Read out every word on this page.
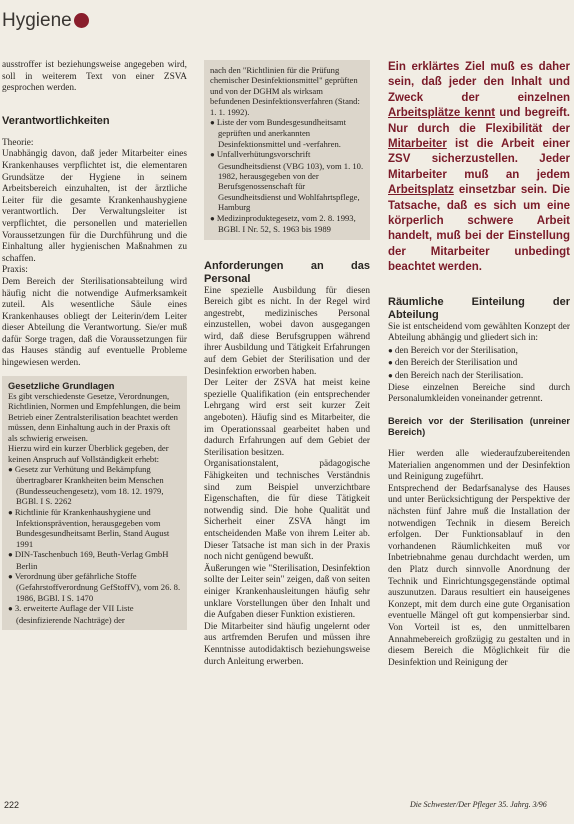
Hygiene

ausstroffer ist beziehungsweise angegeben wird, soll in weiterem Text von einer ZSVA gesprochen werden.

Verantwortlichkeiten

Theorie:

Unabhängig davon, daß jeder Mitarbeiter eines Krankenhauses verpflichtet ist, die elementaren Grundsätze der Hygiene in seinem Arbeitsbereich einzuhalten, ist der ärztliche Leiter für die gesamte Krankenhaushygiene verantwortlich. Der Verwaltungsleiter ist verpflichtet, die personellen und materiellen Voraussetzungen für die Durchführung und die Einhaltung aller hygienischen Maßnahmen zu schaffen.

Praxis:

Dem Bereich der Sterilisationsabteilung wird häufig nicht die notwendige Aufmerksamkeit zuteil. Als wesentliche Säule eines Krankenhauses obliegt der Leiterin/dem Leiter dieser Abteilung die Verantwortung. Sie/er muß dafür Sorge tragen, daß die Voraussetzungen für das Hauses ständig auf eventuelle Probleme hingewiesen werden.

Gesetzliche Grundlagen

Es gibt verschiedenste Gesetze, Verordnungen, Richtlinien, Normen und Empfehlungen, die beim Betrieb einer Zentralsterilisation beachtet werden müssen, denn Einhaltung auch in der Praxis oft als schwierig erweisen.

Hierzu wird ein kurzer Überblick gegeben, der keinen Anspruch auf Vollständigkeit erhebt:

● Gesetz zur Verhütung und Bekämpfung übertragbarer Krankheiten beim Menschen (Bundesseuchengesetz), vom 18. 12. 1979, BGBl. I S. 2262

● Richtlinie für Krankenhaushygiene und Infektionsprävention, herausgegeben vom Bundesgesundheitsamt Berlin, Stand August 1991

● DIN-Taschenbuch 169, Beuth-Verlag GmbH Berlin

● Verordnung über gefährliche Stoffe (Gefahrstoffverordnung GefStoffV), vom 26. 8. 1986, BGBl. I S. 1470

● 3. erweiterte Auflage der VII Liste (desinfizierende Nachträge) der

nach den "Richtlinien für die Prüfung chemischer Desinfektionsmittel" geprüften und von der DGHM als wirksam befundenen Desinfektionsverfahren (Stand: 1. 1. 1992).

● Liste der vom Bundesgesundheitsamt geprüften und anerkannten Desinfektionsmittel und -verfahren.

● Unfallverhütungsvorschrift Gesundheitsdienst (VBG 103), vom 1. 10. 1982, herausgegeben von der Berufsgenossenschaft für Gesundheitsdienst und Wohlfahrtspflege, Hamburg

● Medizinproduktegesetz, vom 2. 8. 1993, BGBl. I Nr. 52, S. 1963 bis 1989

Anforderungen an das Personal

Eine spezielle Ausbildung für diesen Bereich gibt es nicht. In der Regel wird angestrebt, medizinisches Personal einzustellen, wobei davon ausgegangen wird, daß diese Berufsgruppen während ihrer Ausbildung und Tätigkeit Erfahrungen auf dem Gebiet der Sterilisation und der Desinfektion erworben haben.

Der Leiter der ZSVA hat meist keine spezielle Qualifikation (ein entsprechender Lehrgang wird erst seit kurzer Zeit angeboten). Häufig sind es Mitarbeiter, die im Operationssaal gearbeitet haben und dadurch Erfahrungen auf dem Gebiet der Sterilisation besitzen.

Organisationstalent, pädagogische Fähigkeiten und technisches Verständnis sind zum Beispiel unverzichtbare Eigenschaften, die für diese Tätigkeit notwendig sind. Die hohe Qualität und Sicherheit einer ZSVA hängt im entscheidenden Maße von ihrem Leiter ab. Dieser Tatsache ist man sich in der Praxis noch nicht genügend bewußt.

Äußerungen wie "Sterilisation, Desinfektion sollte der Leiter sein" zeigen, daß von seiten einiger Krankenhausleitungen häufig sehr unklare Vorstellungen über den Inhalt und die Aufgaben dieser Funktion existieren.

Die Mitarbeiter sind häufig ungelernt oder aus artfremden Berufen und müssen ihre Kenntnisse autodidaktisch beziehungsweise durch Anleitung erwerben.

Ein erklärtes Ziel muß es daher sein, daß jeder den Inhalt und Zweck der einzelnen Arbeitsplätze kennt und begreift. Nur durch die Flexibilität der Mitarbeiter ist die Arbeit einer ZSV sicherzustellen. Jeder Mitarbeiter muß an jedem Arbeitsplatz einsetzbar sein. Die Tatsache, daß es sich um eine körperlich schwere Arbeit handelt, muß bei der Einstellung der Mitarbeiter unbedingt beachtet werden.

Räumliche Einteilung der Abteilung

Sie ist entscheidend vom gewählten Konzept der Abteilung abhängig und gliedert sich in:

● den Bereich vor der Sterilisation,

● den Bereich der Sterilisation und

● den Bereich nach der Sterilisation.

Diese einzelnen Bereiche sind durch Personalumkleiden voneinander getrennt.

Bereich vor der Sterilisation (unreiner Bereich)

Hier werden alle wiederaufzubereitenden Materialien angenommen und der Desinfektion und Reinigung zugeführt.

Entsprechend der Bedarfsanalyse des Hauses und unter Berücksichtigung der Perspektive der nächsten fünf Jahre muß die Installation der notwendigen Technik in diesem Bereich erfolgen. Der Funktionsablauf in den vorhandenen Räumlichkeiten muß vor Inbetriebnahme genau durchdacht werden, um den Platz durch sinnvolle Anordnung der Technik und Einrichtungsgegenstände optimal auszunutzen. Daraus resultiert ein hauseigenes Konzept, mit dem durch eine gute Organisation eventuelle Mängel oft gut kompensierbar sind. Von Vorteil ist es, den unmittelbaren Annahmebereich großzügig zu gestalten und in diesem Bereich die Möglichkeit für die Desinfektion und Reinigung der

222	Die Schwester/Der Pfleger 35. Jahrg. 3/96
